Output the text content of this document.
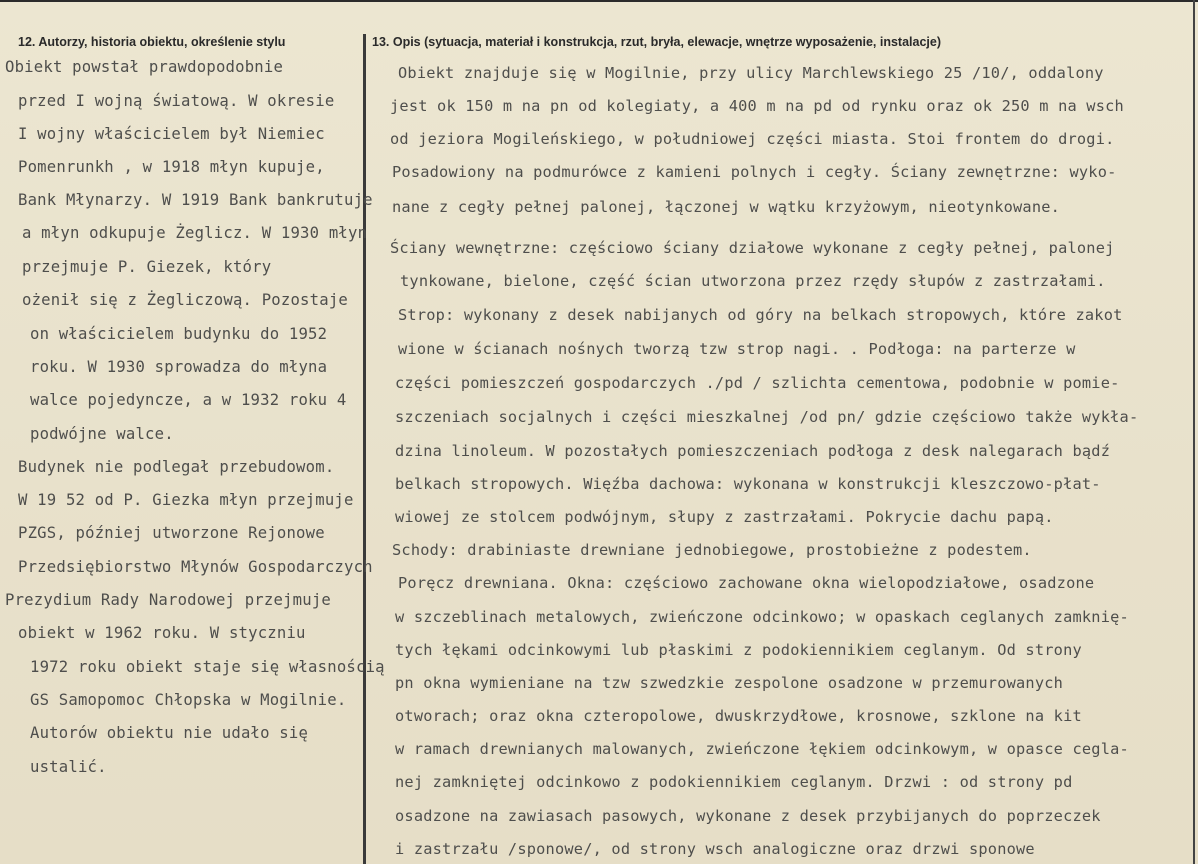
12. Autorzy, historia obiektu, określenie stylu	13. Opis (sytuacja, materiał i konstrukcja, rzut, bryła, elewacje, wnętrze wyposażenie, instalacje)
Obiekt powstał prawdopodobnie
przed I wojną światową. W okresie
I wojny właścicielem był Niemiec
Pomenrunkh , w 1918 młyn kupuje,
Bank Młynarzy. W 1919 Bank bankrutuje
a młyn odkupuje Żeglicz. W 1930 młyn
przejmuje P. Giezek, który
ożenił się z Żegliczową. Pozostaje
on właścicielem budynku do 1952
roku. W 1930 sprowadza do młyna
walce pojedyncze, a w 1932 roku 4
podwójne walce.
Budynek nie podlegał przebudowom.
W 19 52 od P. Giezka młyn przejmuje
PZGS, później utworzone Rejonowe
Przedsiębiorstwo Młynów Gospodarczych
Prezydium Rady Narodowej przejmuje
obiekt w 1962 roku. W styczniu
1972 roku obiekt staje się własnością
GS Samopomoc Chłopska w Mogilnie.
Autorów obiektu nie udało się
ustalić.
Obiekt znajduje się w Mogilnie, przy ulicy Marchlewskiego 25 /10/, oddalony
jest ok 150 m na pn od kolegiaty, a 400 m na pd od rynku oraz ok 250 m na wsch
od jeziora Mogileńskiego, w południowej części miasta. Stoi frontem do drogi.
Posadowiony na podmurówce z kamieni polnych i cegły. Ściany zewnętrzne: wyko-
nane z cegły pełnej palonej, łączonej w wątku krzyżowym, nieotynkowane.
Ściany wewnętrzne: częściowo ściany działowe wykonane z cegły pełnej, palonej
tynkowane, bielone, część ścian utworzona przez rzędy słupów z zastrzałami.
Strop: wykonany z desek nabijanych od góry na belkach stropowych, które zakot
wione w ścianach nośnych tworzą tzw strop nagi. . Podłoga: na parterze w
części pomieszczeń gospodarczych ./pd / szlichta cementowa, podobnie w pomie-
szczeniach socjalnych i części mieszkalnej /od pn/ gdzie częściowo także wykła-
dzina linoleum. W pozostałych pomieszczeniach podłoga z desk nalegarach bądź
belkach stropowych. Więźba dachowa: wykonana w konstrukcji kleszczowo-płat-
wiowej ze stolcem podwójnym, słupy z zastrzałami. Pokrycie dachu papą.
Schody: drabiniaste drewniane jednobiegowe, prostobieżne z podestem.
Poręcz drewniana. Okna: częściowo zachowane okna wielopodziałowe, osadzone
w szczeblinach metalowych, zwieńczone odcinkowo; w opaskach ceglanych zamknię-
tych łękami odcinkowymi lub płaskimi z podokiennikiem ceglanym. Od strony
pn okna wymieniane na tzw szwedzkie zespolone osadzone w przemurowanych
otworach; oraz okna czteropolowe, dwuskrzydłowe, krosnowe, szklone na kit
w ramach drewnianych malowanych, zwieńczone łękiem odcinkowym, w opasce cegla-
nej zamkniętej odcinkowo z podokiennikiem ceglanym. Drzwi : od strony pd
osadzone na zawiasach pasowych, wykonane z desek przybijanych do poprzeczek
i zastrzału /sponowe/, od strony wsch analogiczne oraz drzwi sponowe
